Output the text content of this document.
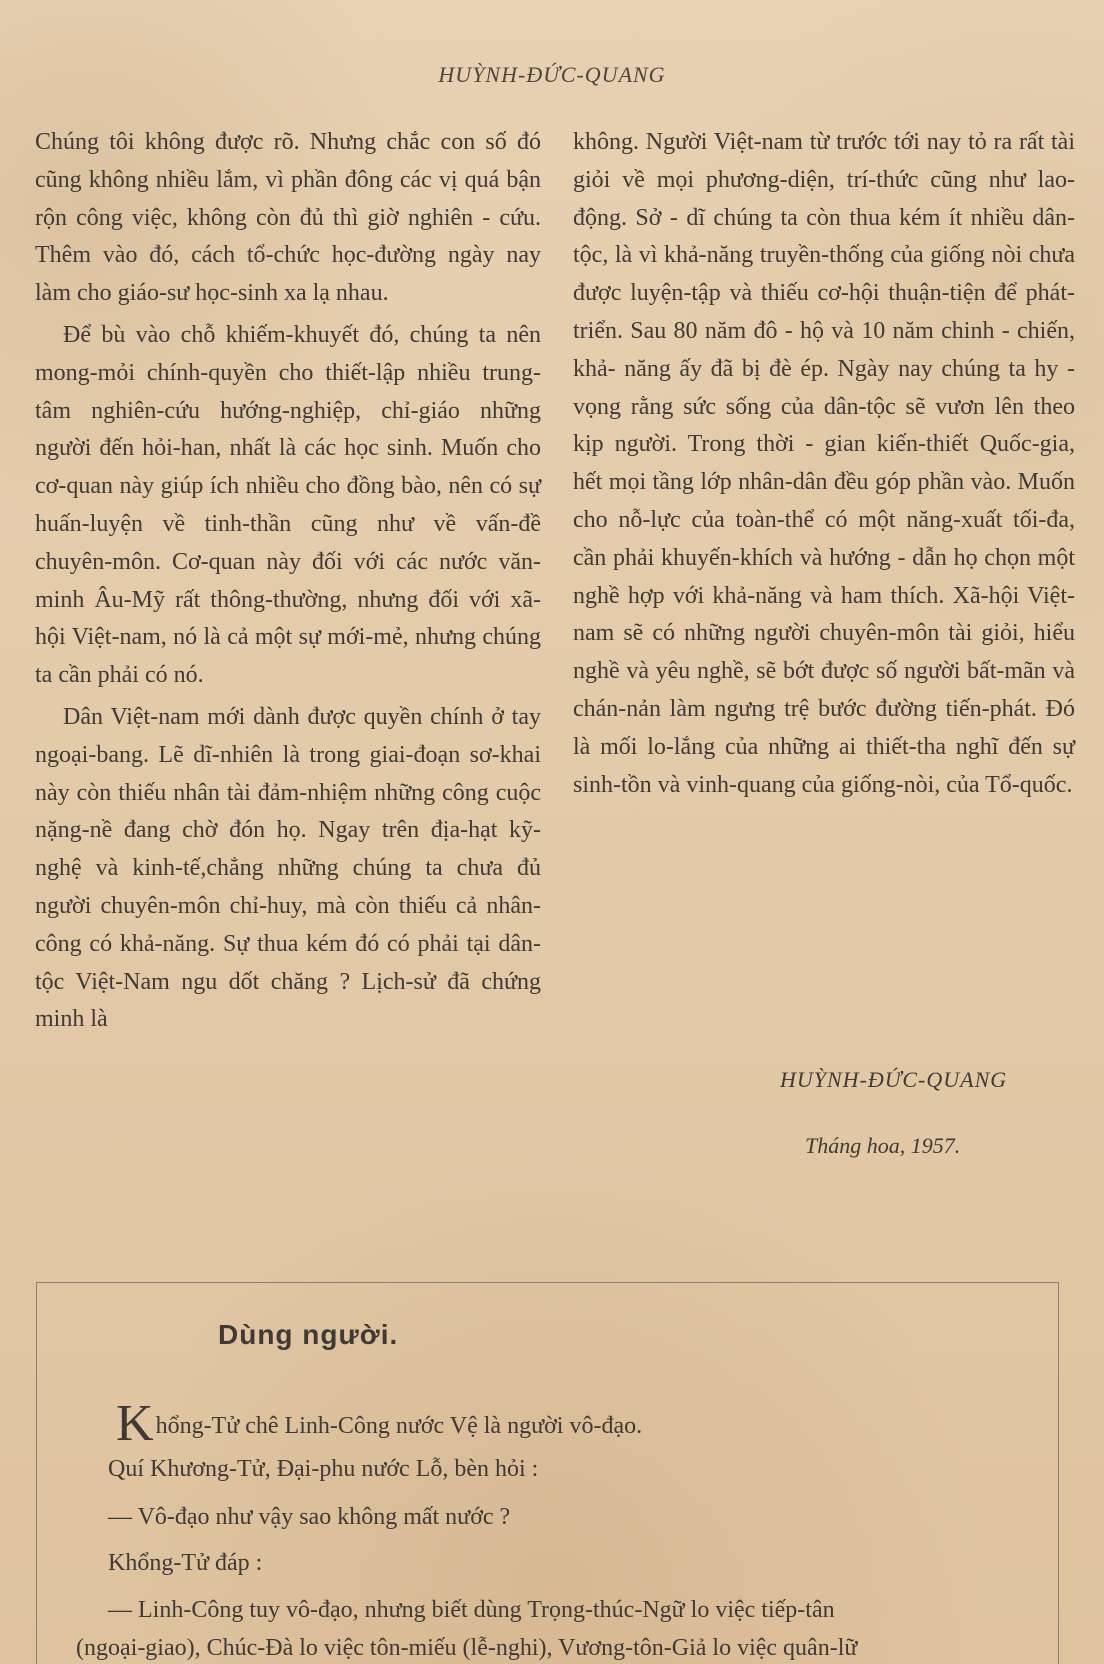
HUỲNH-ĐỨC-QUANG

Chúng tôi không được rõ. Nhưng chắc con số đó cũng không nhiều lắm, vì phần đông các vị quá bận rộn công việc, không còn đủ thì giờ nghiên - cứu. Thêm vào đó, cách tổ-chức học-đường ngày nay làm cho giáo-sư học-sinh xa lạ nhau.

Để bù vào chỗ khiếm-khuyết đó, chúng ta nên mong-mỏi chính-quyền cho thiết-lập nhiều trung-tâm nghiên-cứu hướng-nghiệp, chỉ-giáo những người đến hỏi-han, nhất là các học sinh. Muốn cho cơ-quan này giúp ích nhiều cho đồng bào, nên có sự huấn-luyện về tinh-thần cũng như về vấn-đề chuyên-môn. Cơ-quan này đối với các nước văn-minh Âu-Mỹ rất thông-thường, nhưng đối với xã-hội Việt-nam, nó là cả một sự mới-mẻ, nhưng chúng ta cần phải có nó.

Dân Việt-nam mới dành được quyền chính ở tay ngoại-bang. Lẽ dĩ-nhiên là trong giai-đoạn sơ-khai này còn thiếu nhân tài đảm-nhiệm những công cuộc nặng-nề đang chờ đón họ. Ngay trên địa-hạt kỹ-nghệ và kinh-tế,chẳng những chúng ta chưa đủ người chuyên-môn chỉ-huy, mà còn thiếu cả nhân-công có khả-năng. Sự thua kém đó có phải tại dân-tộc Việt-Nam ngu dốt chăng ? Lịch-sử đã chứng minh là

không. Người Việt-nam từ trước tới nay tỏ ra rất tài giỏi về mọi phương-diện, trí-thức cũng như lao-động. Sở - dĩ chúng ta còn thua kém ít nhiều dân-tộc, là vì khả-năng truyền-thống của giống nòi chưa được luyện-tập và thiếu cơ-hội thuận-tiện để phát-triển. Sau 80 năm đô - hộ và 10 năm chinh - chiến, khả- năng ấy đã bị đè ép. Ngày nay chúng ta hy - vọng rằng sức sống của dân-tộc sẽ vươn lên theo kịp người. Trong thời - gian kiến-thiết Quốc-gia, hết mọi tầng lớp nhân-dân đều góp phần vào. Muốn cho nỗ-lực của toàn-thể có một năng-xuất tối-đa, cần phải khuyến-khích và hướng - dẫn họ chọn một nghề hợp với khả-năng và ham thích. Xã-hội Việt-nam sẽ có những người chuyên-môn tài giỏi, hiểu nghề và yêu nghề, sẽ bớt được số người bất-mãn và chán-nản làm ngưng trệ bước đường tiến-phát. Đó là mối lo-lắng của những ai thiết-tha nghĩ đến sự sinh-tồn và vinh-quang của giống-nòi, của Tổ-quốc.

HUỲNH-ĐỨC-QUANG
Tháng hoa, 1957.
Dùng người.
Khổng-Tử chê Linh-Công nước Vệ là người vô-đạo.
Quí Khương-Tử, Đại-phu nước Lỗ, bèn hỏi :
— Vô-đạo như vậy sao không mất nước ?
Khổng-Tử đáp :
— Linh-Công tuy vô-đạo, nhưng biết dùng Trọng-thúc-Ngữ lo việc tiếp-tân
(ngoại-giao), Chúc-Đà lo việc tôn-miếu (lễ-nghi), Vương-tôn-Giả lo việc quân-lữ
